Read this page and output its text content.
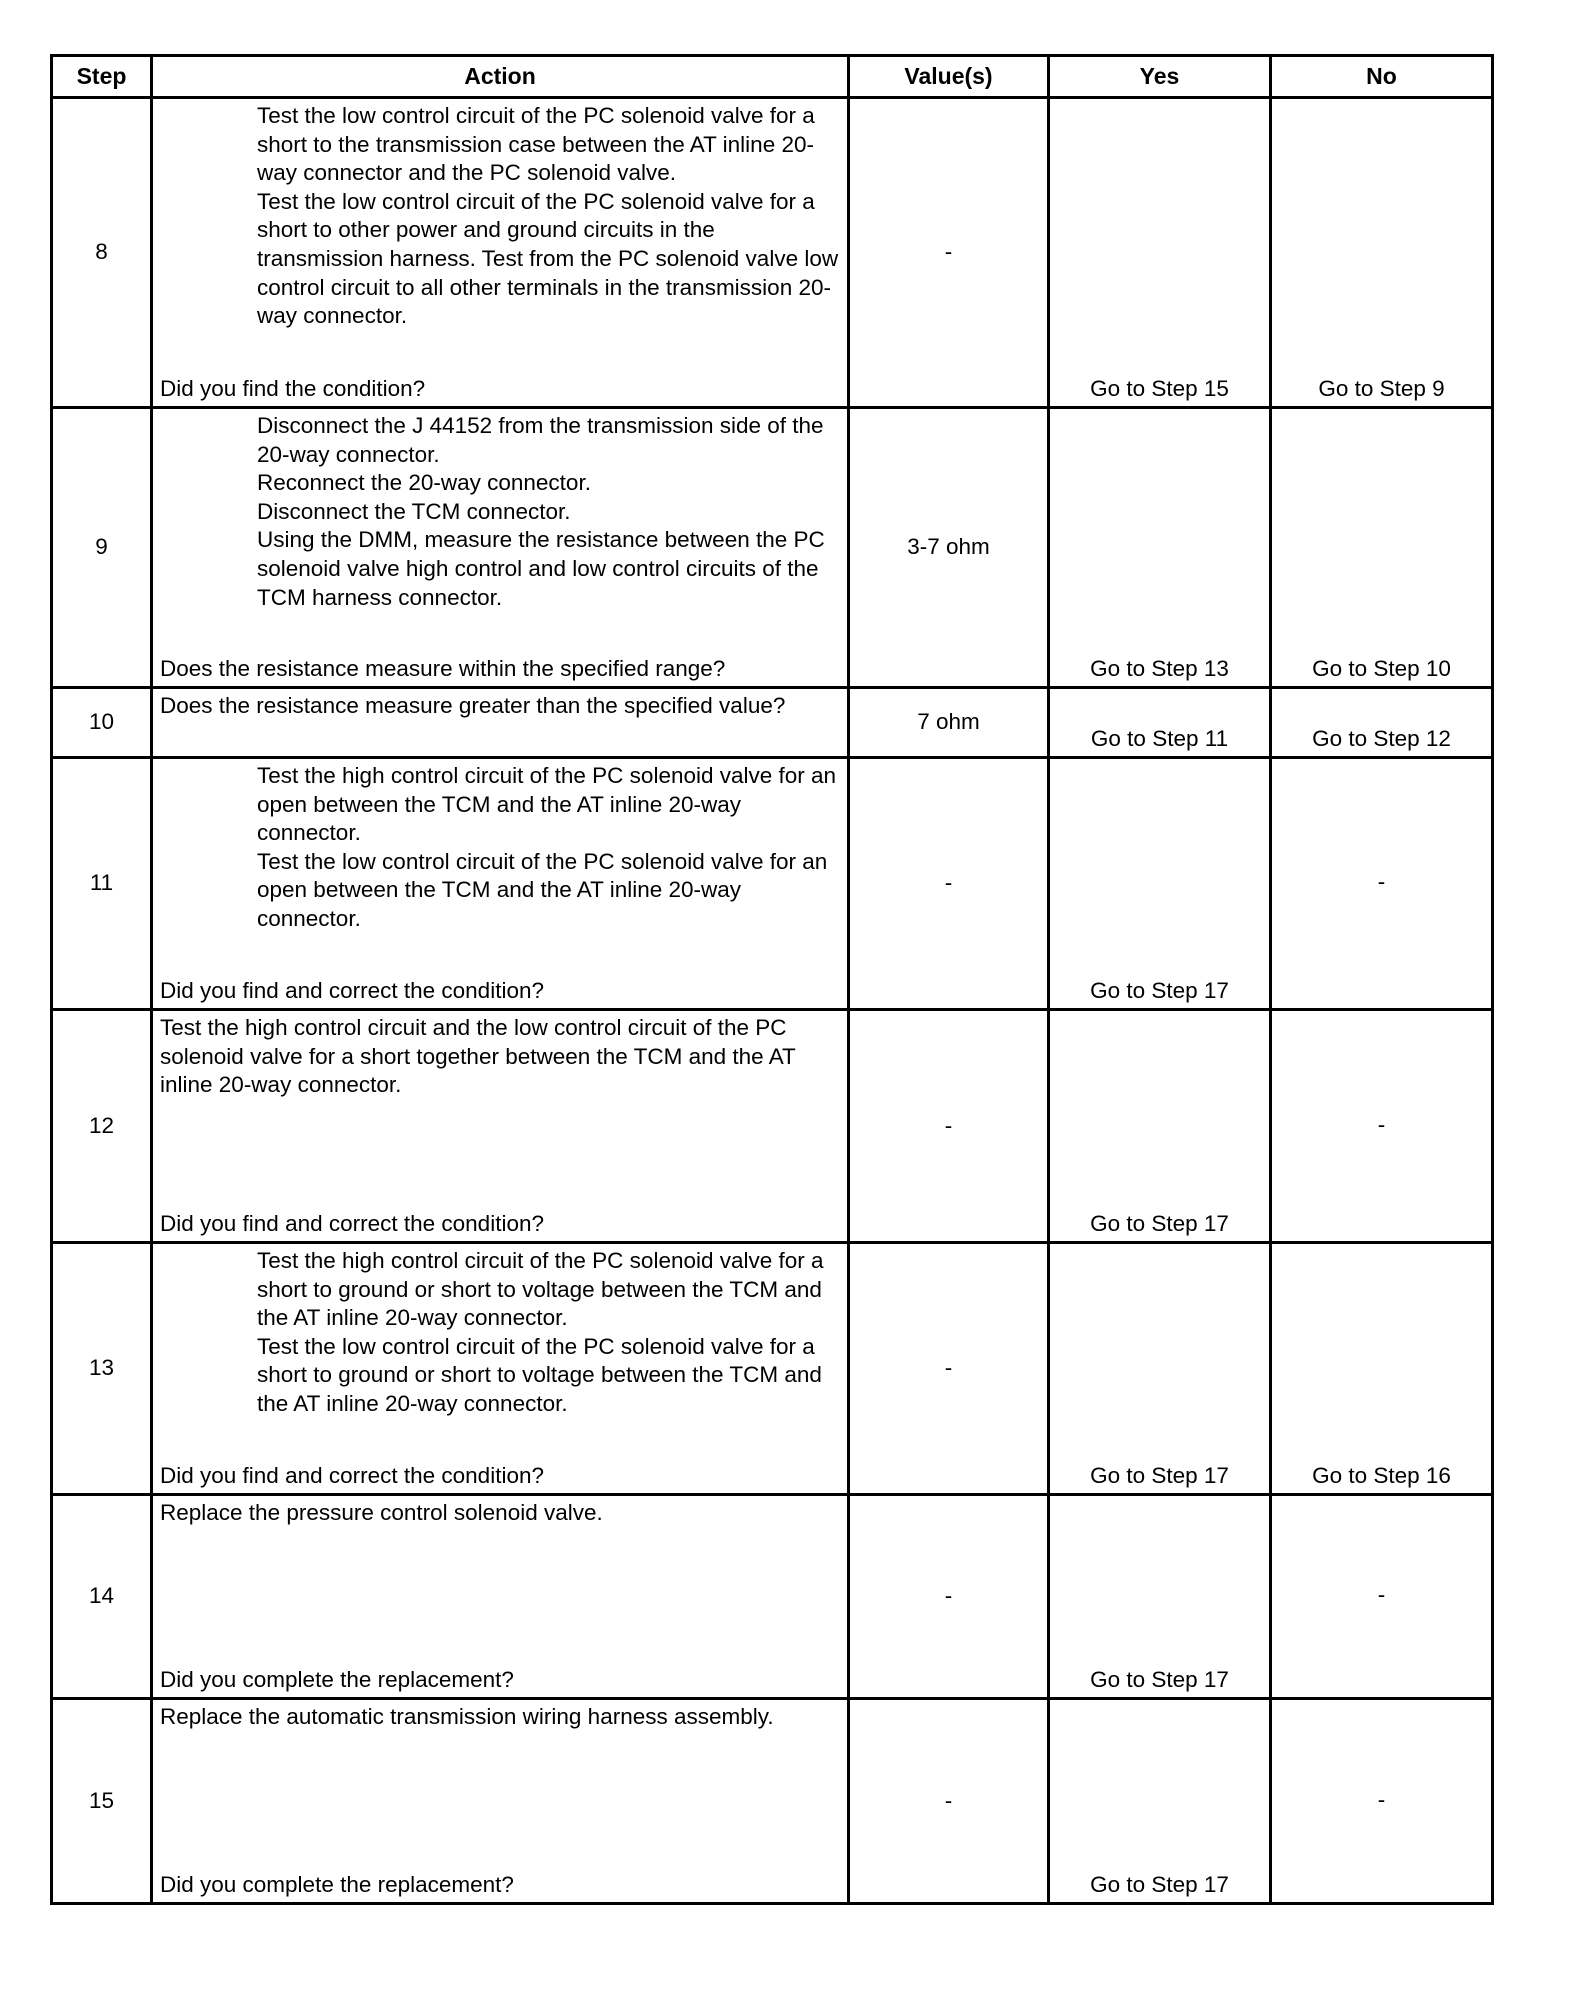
Step	Action	Value(s)	Yes	No
8	Test the low control circuit of the PC solenoid valve for a short to the transmission case between the AT inline 20-way connector and the PC solenoid valve.
Test the low control circuit of the PC solenoid valve for a short to other power and ground circuits in the transmission harness. Test from the PC solenoid valve low control circuit to all other terminals in the transmission 20-way connector.
Did you find the condition?	-	Go to Step 15	Go to Step 9
9	Disconnect the J 44152 from the transmission side of the 20-way connector.
Reconnect the 20-way connector.
Disconnect the TCM connector.
Using the DMM, measure the resistance between the PC solenoid valve high control and low control circuits of the TCM harness connector.
Does the resistance measure within the specified range?	3-7 ohm	Go to Step 13	Go to Step 10
10	Does the resistance measure greater than the specified value?	7 ohm	Go to Step 11	Go to Step 12
11	Test the high control circuit of the PC solenoid valve for an open between the TCM and the AT inline 20-way connector.
Test the low control circuit of the PC solenoid valve for an open between the TCM and the AT inline 20-way connector.
Did you find and correct the condition?	-	Go to Step 17	-
12	Test the high control circuit and the low control circuit of the PC solenoid valve for a short together between the TCM and the AT inline 20-way connector.
Did you find and correct the condition?	-	Go to Step 17	-
13	Test the high control circuit of the PC solenoid valve for a short to ground or short to voltage between the TCM and the AT inline 20-way connector.
Test the low control circuit of the PC solenoid valve for a short to ground or short to voltage between the TCM and the AT inline 20-way connector.
Did you find and correct the condition?	-	Go to Step 17	Go to Step 16
14	Replace the pressure control solenoid valve.
Did you complete the replacement?	-	Go to Step 17	-
15	Replace the automatic transmission wiring harness assembly.
Did you complete the replacement?	-	Go to Step 17	-
